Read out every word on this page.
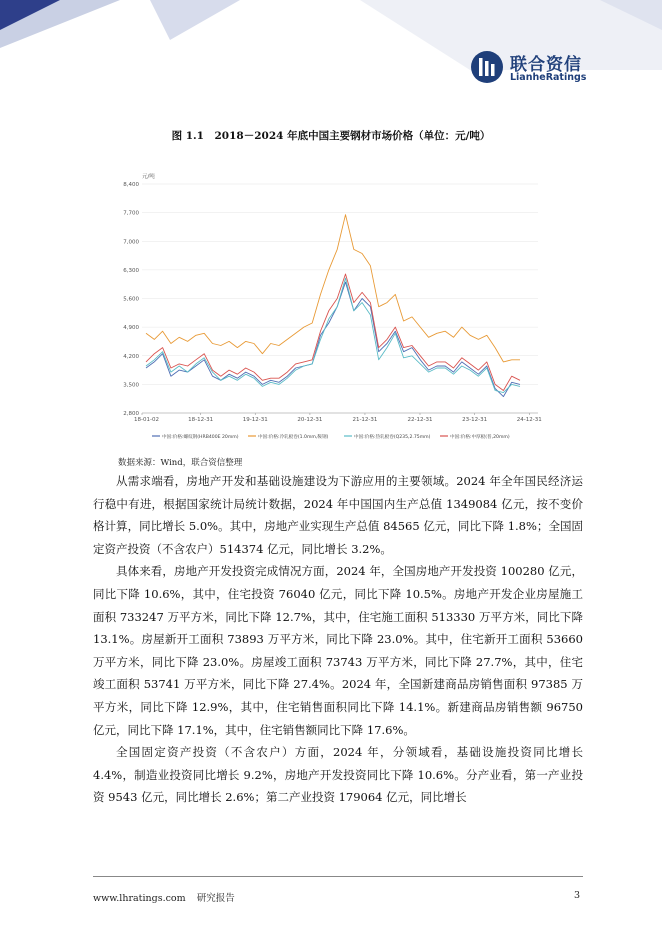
联合资信
LianheRatings
图 1.1　2018－2024 年底中国主要钢材市场价格（单位：元/吨）
元/吨
8,400
7,700
7,000
6,300
5,600
4,900
4,200
3,500
2,800
18-01-02	18-12-31	19-12-31	20-12-31	21-12-31	22-12-31	23-12-31	24-12-31
中国:价格:螺纹钢(HRB400E 20mm)	中国:价格:冷轧板卷(1.0mm,鞍钢)	中国:价格:热轧板卷(Q235,2.75mm)	中国:价格:中厚板(普,20mm)
数据来源：Wind，联合资信整理

从需求端看，房地产开发和基础设施建设为下游应用的主要领域。2024 年全年国民经济运行稳中有进，根据国家统计局统计数据，2024 年中国国内生产总值 1349084 亿元，按不变价格计算，同比增长 5.0%。其中，房地产业实现生产总值 84565 亿元，同比下降 1.8%；全国固定资产投资（不含农户）514374 亿元，同比增长 3.2%。

具体来看，房地产开发投资完成情况方面，2024 年，全国房地产开发投资 100280 亿元，同比下降 10.6%，其中，住宅投资 76040 亿元，同比下降 10.5%。房地产开发企业房屋施工面积 733247 万平方米，同比下降 12.7%，其中，住宅施工面积 513330 万平方米，同比下降 13.1%。房屋新开工面积 73893 万平方米，同比下降 23.0%。其中，住宅新开工面积 53660 万平方米，同比下降 23.0%。房屋竣工面积 73743 万平方米，同比下降 27.7%，其中，住宅竣工面积 53741 万平方米，同比下降 27.4%。2024 年，全国新建商品房销售面积 97385 万平方米，同比下降 12.9%，其中，住宅销售面积同比下降 14.1%。新建商品房销售额 96750 亿元，同比下降 17.1%，其中，住宅销售额同比下降 17.6%。

全国固定资产投资（不含农户）方面，2024 年，分领域看，基础设施投资同比增长 4.4%，制造业投资同比增长 9.2%，房地产开发投资同比下降 10.6%。分产业看，第一产业投资 9543 亿元，同比增长 2.6%；第二产业投资 179064 亿元，同比增长

www.lhratings.com 研究报告	3
